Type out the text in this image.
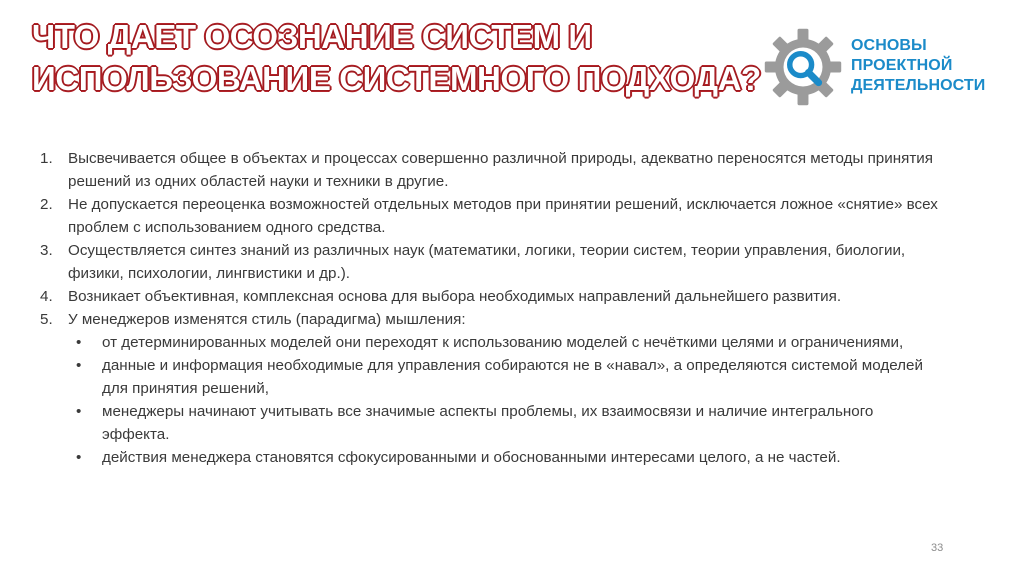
ЧТО ДАЕТ ОСОЗНАНИЕ СИСТЕМ И
ИСПОЛЬЗОВАНИЕ СИСТЕМНОГО ПОДХОДА?
ОСНОВЫ
ПРОЕКТНОЙ
ДЕЯТЕЛЬНОСТИ
1. Высвечивается общее в объектах и процессах совершенно различной природы, адекватно переносятся методы принятия решений из одних областей науки и техники в другие.
2. Не допускается переоценка возможностей отдельных методов при принятии решений, исключается ложное «снятие» всех проблем с использованием одного средства.
3. Осуществляется синтез знаний из различных наук (математики, логики, теории систем, теории управления, биологии, физики, психологии, лингвистики и др.).
4. Возникает объективная, комплексная основа для выбора необходимых направлений дальнейшего развития.
5. У менеджеров изменятся стиль (парадигма) мышления:
• от детерминированных моделей они переходят к использованию моделей с нечёткими целями и ограничениями,
• данные и информация необходимые для управления собираются не в «навал», а определяются системой моделей для принятия решений,
• менеджеры начинают учитывать все значимые аспекты проблемы, их взаимосвязи и наличие интегрального эффекта.
• действия менеджера становятся сфокусированными и обоснованными интересами целого, а не частей.
33
